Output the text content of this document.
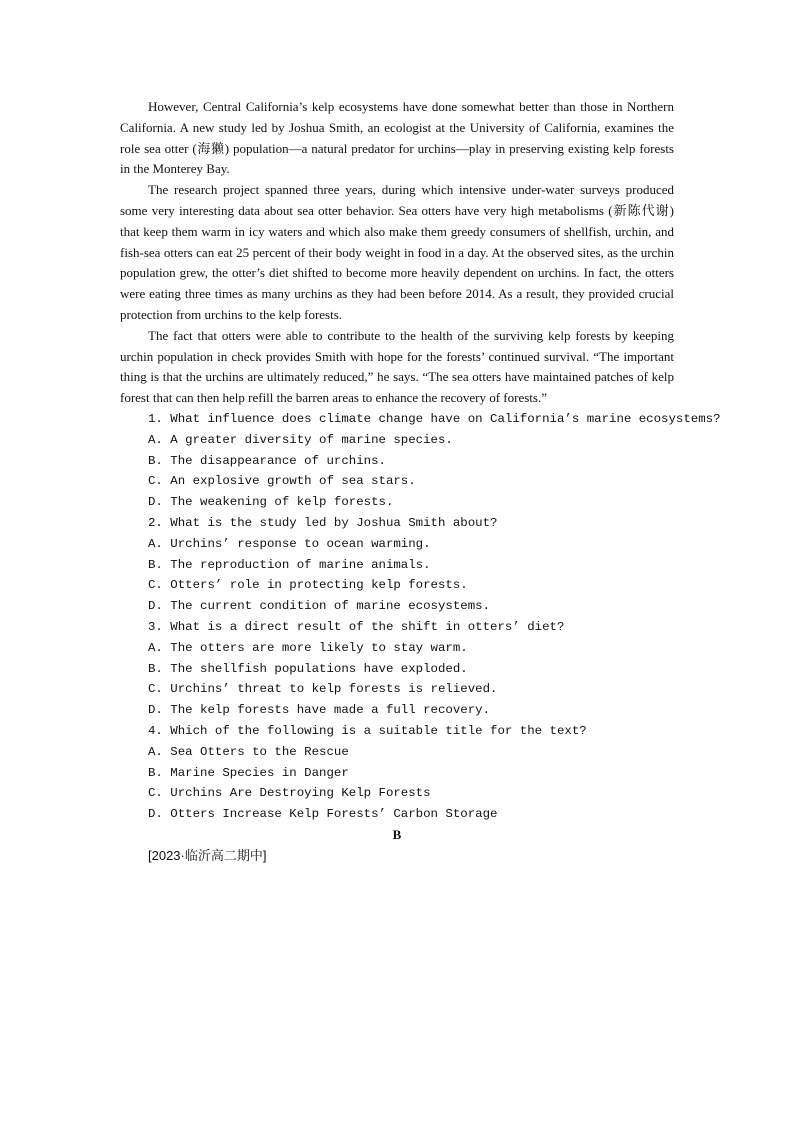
However, Central California’s kelp ecosystems have done somewhat better than those in Northern California. A new study led by Joshua Smith, an ecologist at the University of California, examines the role sea otter (海獭) population—a natural predator for urchins—play in preserving existing kelp forests in the Monterey Bay.

The research project spanned three years, during which intensive under-water surveys produced some very interesting data about sea otter behavior. Sea otters have very high metabolisms (新陈代谢) that keep them warm in icy waters and which also make them greedy consumers of shellfish, urchin, and fish-sea otters can eat 25 percent of their body weight in food in a day. At the observed sites, as the urchin population grew, the otter’s diet shifted to become more heavily dependent on urchins. In fact, the otters were eating three times as many urchins as they had been before 2014. As a result, they provided crucial protection from urchins to the kelp forests.

The fact that otters were able to contribute to the health of the surviving kelp forests by keeping urchin population in check provides Smith with hope for the forests’ continued survival. “The important thing is that the urchins are ultimately reduced,” he says. “The sea otters have maintained patches of kelp forest that can then help refill the barren areas to enhance the recovery of forests.”

1. What influence does climate change have on California’s marine ecosystems?

A. A greater diversity of marine species.

B. The disappearance of urchins.

C. An explosive growth of sea stars.

D. The weakening of kelp forests.

2. What is the study led by Joshua Smith about?

A. Urchins’ response to ocean warming.

B. The reproduction of marine animals.

C. Otters’ role in protecting kelp forests.

D. The current condition of marine ecosystems.

3. What is a direct result of the shift in otters’ diet?

A. The otters are more likely to stay warm.

B. The shellfish populations have exploded.

C. Urchins’ threat to kelp forests is relieved.

D. The kelp forests have made a full recovery.

4. Which of the following is a suitable title for the text?

A. Sea Otters to the Rescue

B. Marine Species in Danger

C. Urchins Are Destroying Kelp Forests

D. Otters Increase Kelp Forests’ Carbon Storage

B

[2023·临沂高二期中]
